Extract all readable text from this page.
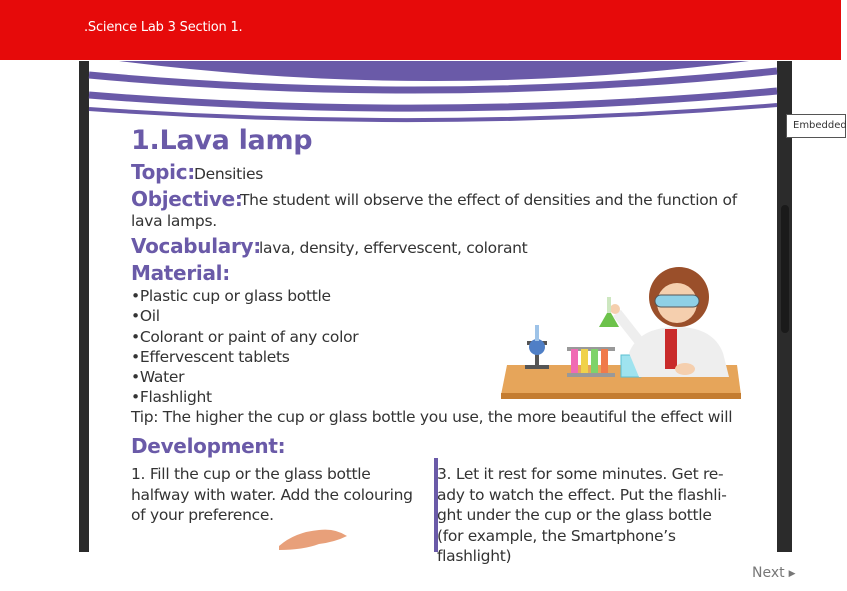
.Science Lab 3 Section 1.
1.Lava lamp
Topic: Densities
Objective:
The student will observe the effect of densities and the function of
lava lamps.
Vocabulary:
lava, density, effervescent, colorant
Material:
•Plastic cup or glass bottle
•Oil
•Colorant or paint of any color
•Effervescent tablets
•Water
•Flashlight
Tip: The higher the cup or glass bottle you use, the more beautiful the effect will
Development:
1. Fill the cup or the glass bottle
halfway with water. Add the colouring
of your preference.
3. Let it rest for some minutes. Get re-
ady to watch the effect. Put the flashli-
ght under the cup or the glass bottle
(for example, the Smartphone’s
flashlight)
Embedded
Next ▶
